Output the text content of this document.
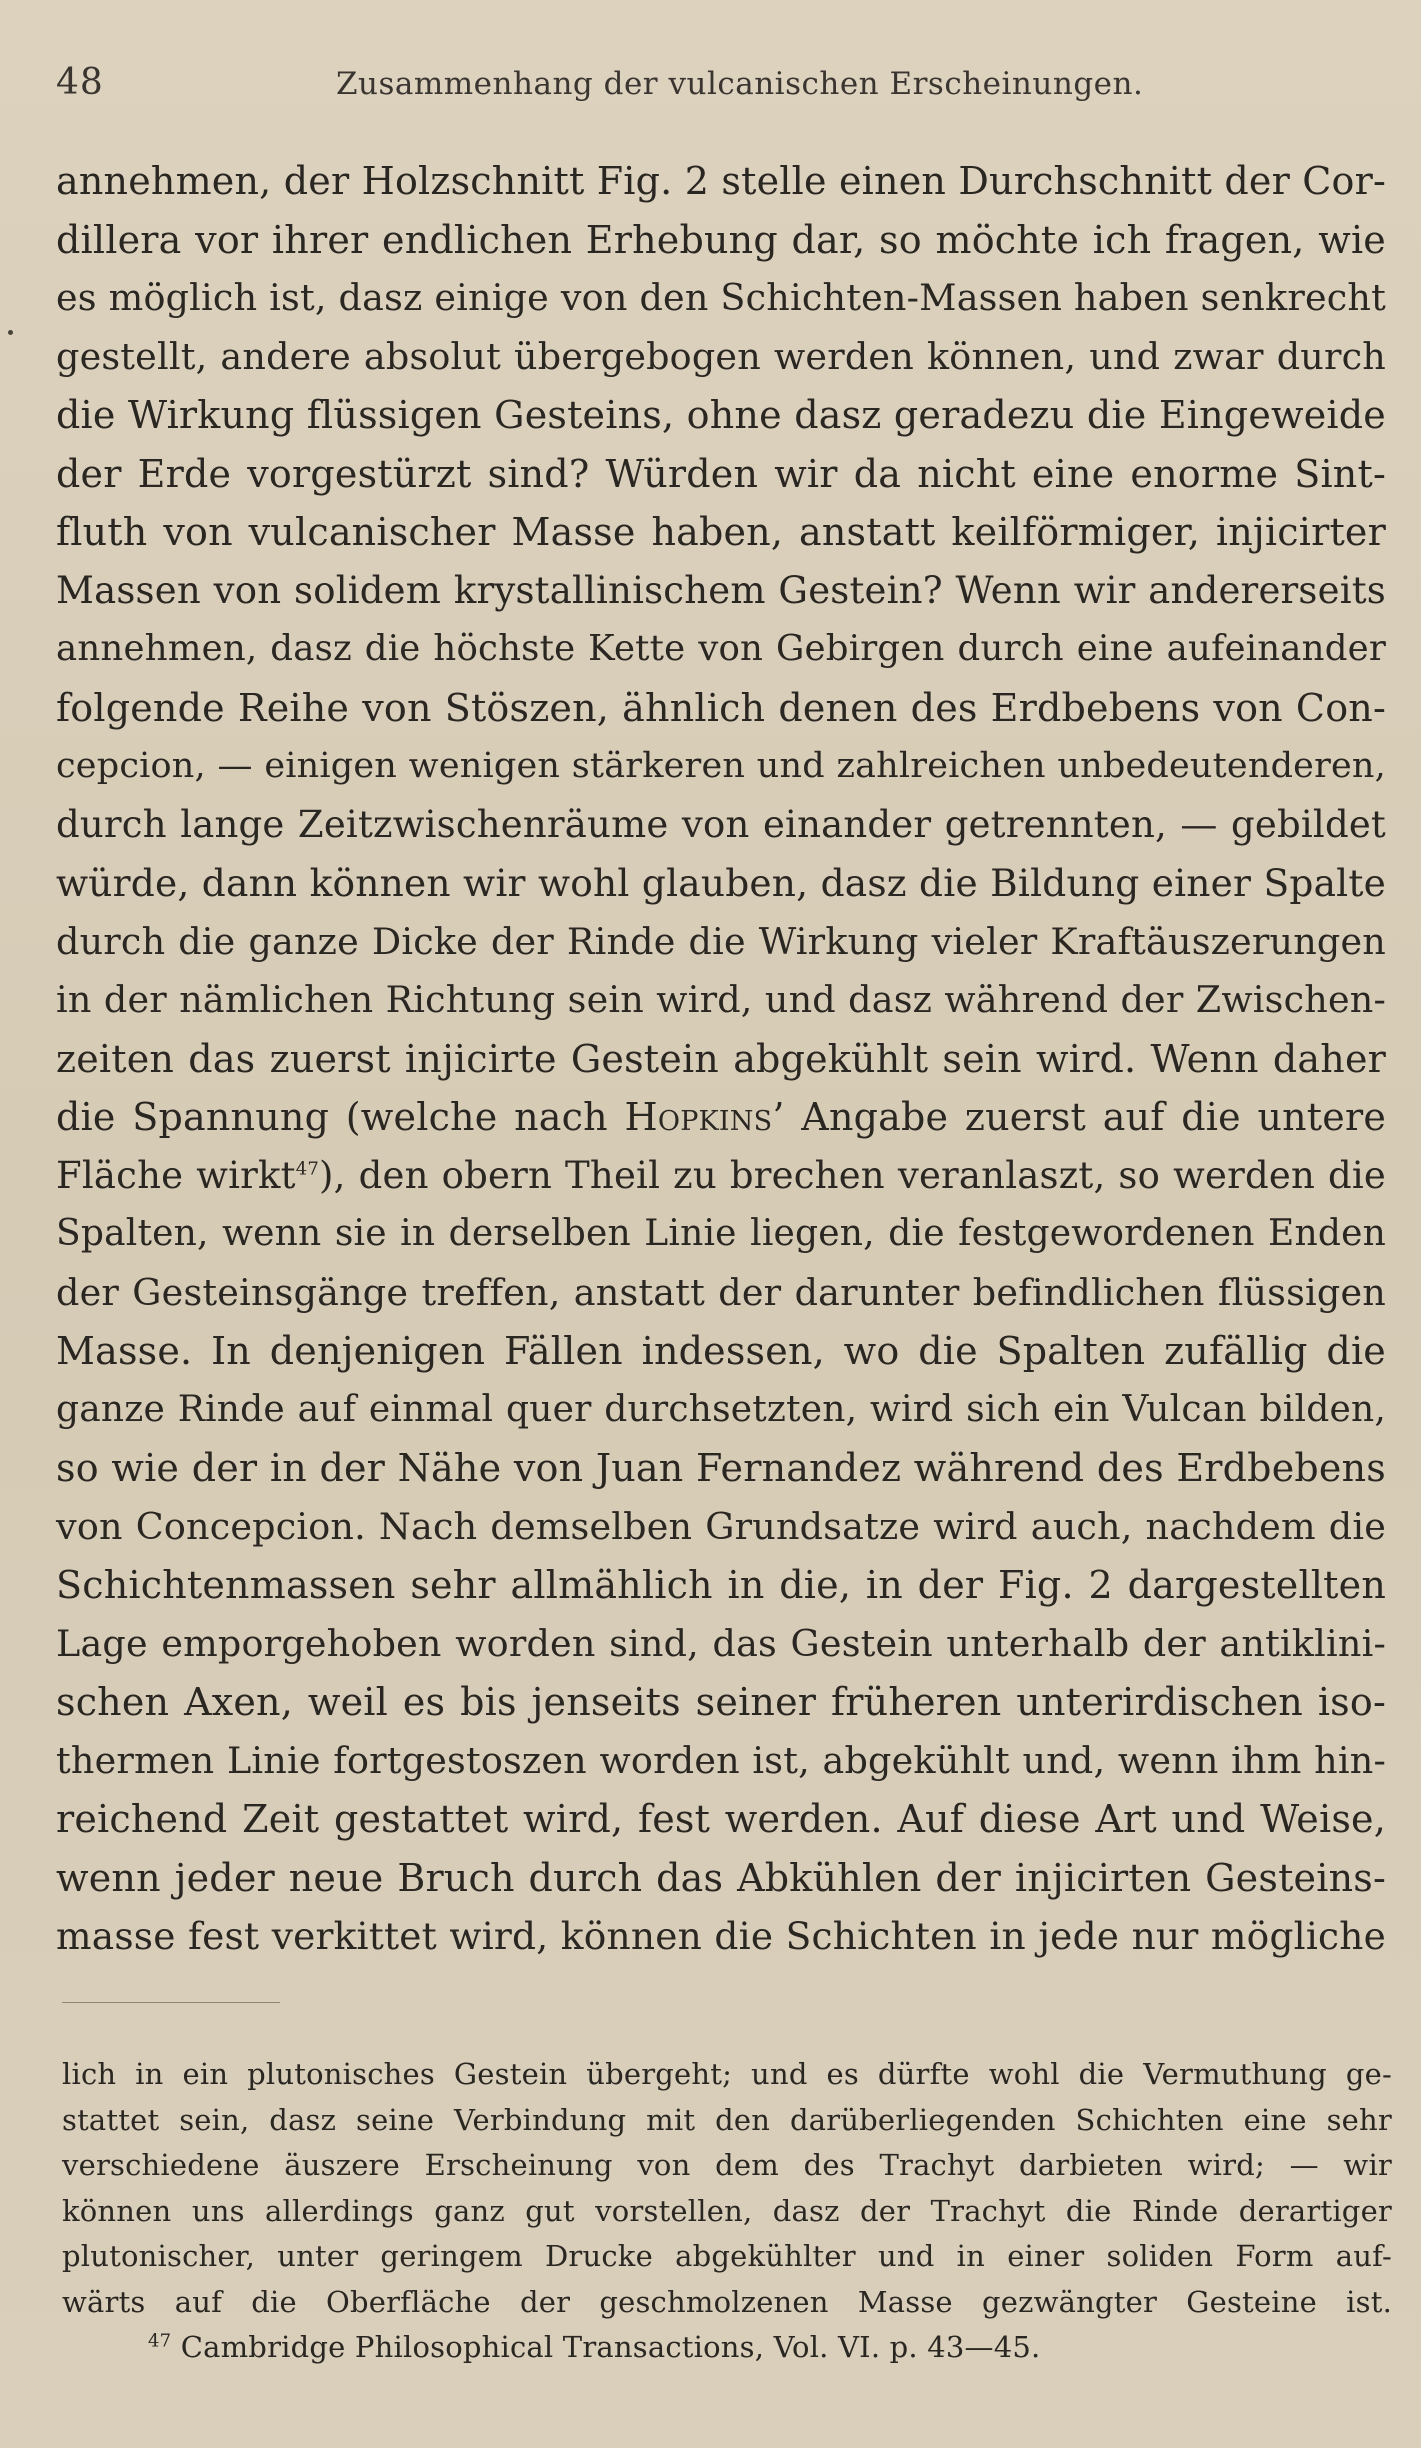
48	Zusammenhang der vulcanischen Erscheinungen.
annehmen, der Holzschnitt Fig. 2 stelle einen Durchschnitt der Cor-
dillera vor ihrer endlichen Erhebung dar, so möchte ich fragen, wie
es möglich ist, dasz einige von den Schichten-Massen haben senkrecht
gestellt, andere absolut übergebogen werden können, und zwar durch
die Wirkung flüssigen Gesteins, ohne dasz geradezu die Eingeweide
der Erde vorgestürzt sind? Würden wir da nicht eine enorme Sint-
fluth von vulcanischer Masse haben, anstatt keilförmiger, injicirter
Massen von solidem krystallinischem Gestein? Wenn wir andererseits
annehmen, dasz die höchste Kette von Gebirgen durch eine aufeinander
folgende Reihe von Stöszen, ähnlich denen des Erdbebens von Con-
cepcion, — einigen wenigen stärkeren und zahlreichen unbedeutenderen,
durch lange Zeitzwischenräume von einander getrennten, — gebildet
würde, dann können wir wohl glauben, dasz die Bildung einer Spalte
durch die ganze Dicke der Rinde die Wirkung vieler Kraftäuszerungen
in der nämlichen Richtung sein wird, und dasz während der Zwischen-
zeiten das zuerst injicirte Gestein abgekühlt sein wird. Wenn daher
die Spannung (welche nach Hopkins’ Angabe zuerst auf die untere
Fläche wirkt$^{47}$), den obern Theil zu brechen veranlaszt, so werden die
Spalten, wenn sie in derselben Linie liegen, die festgewordenen Enden
der Gesteinsgänge treffen, anstatt der darunter befindlichen flüssigen
Masse. In denjenigen Fällen indessen, wo die Spalten zufällig die
ganze Rinde auf einmal quer durchsetzten, wird sich ein Vulcan bilden,
so wie der in der Nähe von Juan Fernandez während des Erdbebens
von Concepcion. Nach demselben Grundsatze wird auch, nachdem die
Schichtenmassen sehr allmählich in die, in der Fig. 2 dargestellten
Lage emporgehoben worden sind, das Gestein unterhalb der antiklini-
schen Axen, weil es bis jenseits seiner früheren unterirdischen iso-
thermen Linie fortgestoszen worden ist, abgekühlt und, wenn ihm hin-
reichend Zeit gestattet wird, fest werden. Auf diese Art und Weise,
wenn jeder neue Bruch durch das Abkühlen der injicirten Gesteins-
masse fest verkittet wird, können die Schichten in jede nur mögliche
lich in ein plutonisches Gestein übergeht; und es dürfte wohl die Vermuthung ge-
stattet sein, dasz seine Verbindung mit den darüberliegenden Schichten eine sehr
verschiedene äuszere Erscheinung von dem des Trachyt darbieten wird; — wir
können uns allerdings ganz gut vorstellen, dasz der Trachyt die Rinde derartiger
plutonischer, unter geringem Drucke abgekühlter und in einer soliden Form auf-
wärts auf die Oberfläche der geschmolzenen Masse gezwängter Gesteine ist.
$^{47}$ Cambridge Philosophical Transactions, Vol. VI. p. 43—45.
